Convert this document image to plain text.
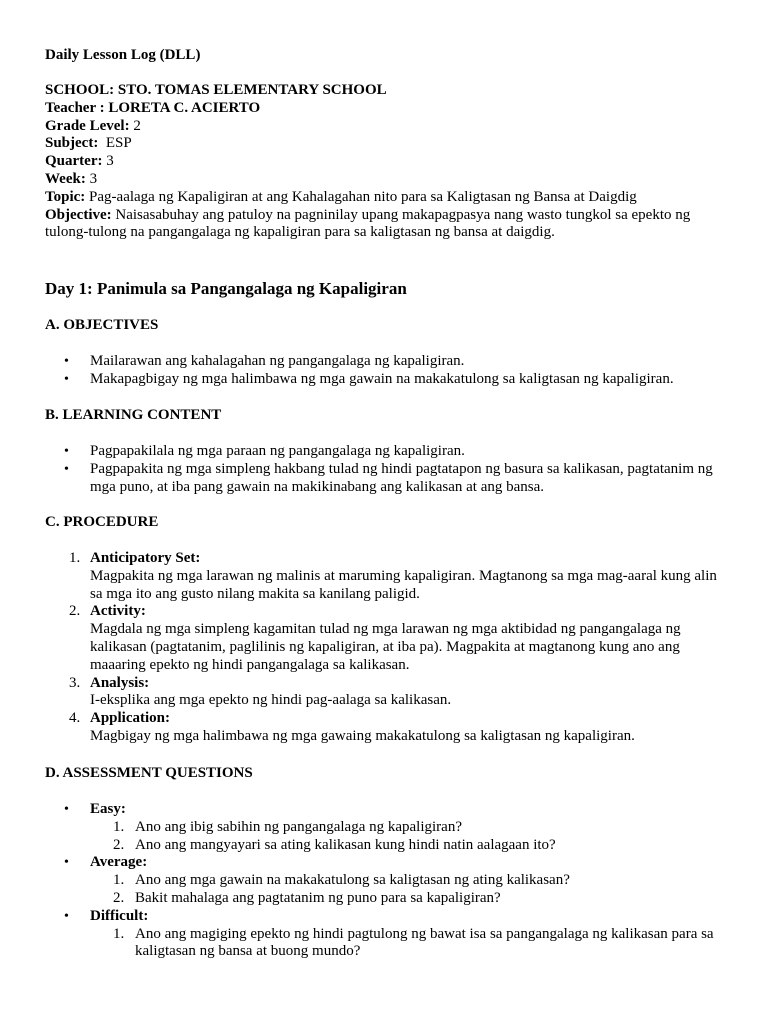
Daily Lesson Log (DLL)

SCHOOL: STO. TOMAS ELEMENTARY SCHOOL

Teacher : LORETA C. ACIERTO

Grade Level: 2

Subject:  ESP

Quarter: 3

Week: 3

Topic: Pag-aalaga ng Kapaligiran at ang Kahalagahan nito para sa Kaligtasan ng Bansa at Daigdig

Objective: Naisasabuhay ang patuloy na pagninilay upang makapagpasya nang wasto tungkol sa epekto ng tulong-tulong na pangangalaga ng kapaligiran para sa kaligtasan ng bansa at daigdig.

Day 1: Panimula sa Pangangalaga ng Kapaligiran

A. OBJECTIVES

• Mailarawan ang kahalagahan ng pangangalaga ng kapaligiran.
• Makapagbigay ng mga halimbawa ng mga gawain na makakatulong sa kaligtasan ng kapaligiran.

B. LEARNING CONTENT

• Pagpapakilala ng mga paraan ng pangangalaga ng kapaligiran.
• Pagpapakita ng mga simpleng hakbang tulad ng hindi pagtatapon ng basura sa kalikasan, pagtatanim ng mga puno, at iba pang gawain na makikinabang ang kalikasan at ang bansa.

C. PROCEDURE

1. Anticipatory Set:
Magpakita ng mga larawan ng malinis at maruming kapaligiran. Magtanong sa mga mag-aaral kung alin sa mga ito ang gusto nilang makita sa kanilang paligid.
2. Activity:
Magdala ng mga simpleng kagamitan tulad ng mga larawan ng mga aktibidad ng pangangalaga ng kalikasan (pagtatanim, paglilinis ng kapaligiran, at iba pa). Magpakita at magtanong kung ano ang maaaring epekto ng hindi pangangalaga sa kalikasan.
3. Analysis:
I-eksplika ang mga epekto ng hindi pag-aalaga sa kalikasan.
4. Application:
Magbigay ng mga halimbawa ng mga gawaing makakatulong sa kaligtasan ng kapaligiran.

D. ASSESSMENT QUESTIONS

• Easy:
1. Ano ang ibig sabihin ng pangangalaga ng kapaligiran?
2. Ano ang mangyayari sa ating kalikasan kung hindi natin aalagaan ito?
• Average:
1. Ano ang mga gawain na makakatulong sa kaligtasan ng ating kalikasan?
2. Bakit mahalaga ang pagtatanim ng puno para sa kapaligiran?
• Difficult:
1. Ano ang magiging epekto ng hindi pagtulong ng bawat isa sa pangangalaga ng kalikasan para sa kaligtasan ng bansa at buong mundo?
